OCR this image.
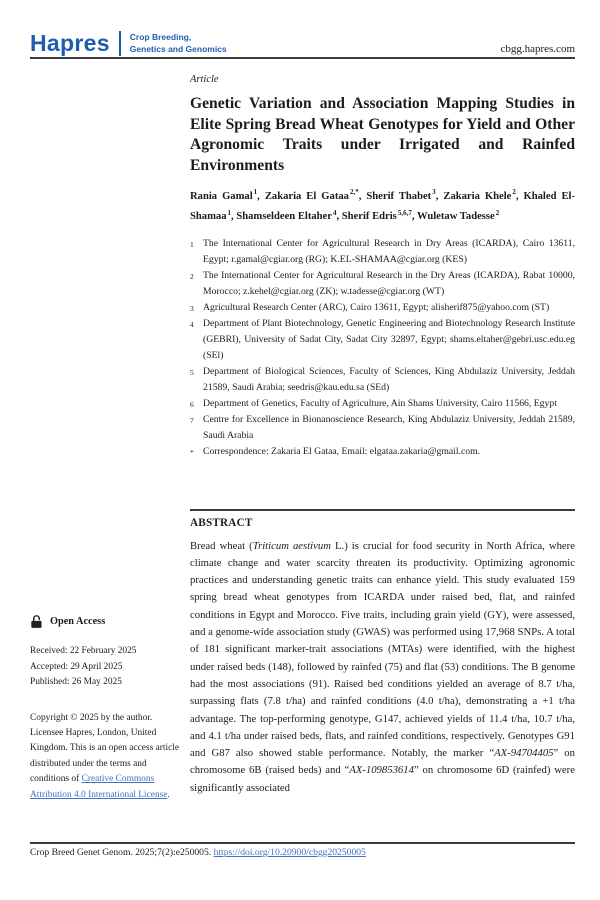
Hapres Crop Breeding,
Genetics and Genomics	cbgg.hapres.com
Article
Genetic Variation and Association Mapping Studies in Elite Spring Bread Wheat Genotypes for Yield and Other Agronomic Traits under Irrigated and Rainfed Environments
Rania Gamal$^1$ , Zakaria El Gataa$^{2,*}$ , Sherif Thabet$^3$ , Zakaria Khele$^2$ , Khaled El-Shamaa$^1$ , Shamseldeen Eltaher$^4$ , Sherif Edris$^{5,6,7}$ , Wuletaw Tadesse$^2$
1 The International Center for Agricultural Research in Dry Areas (ICARDA), Cairo 13611, Egypt; r.gamal@cgiar.org (RG); K.EL-SHAMAA@cgiar.org (KES)
2 The International Center for Agricultural Research in the Dry Areas (ICARDA), Rabat 10000, Morocco; z.kehel@cgiar.org (ZK); w.tadesse@cgiar.org (WT)
3 Agricultural Research Center (ARC), Cairo 13611, Egypt; alisherif875@yahoo.com (ST)
4 Department of Plant Biotechnology, Genetic Engineering and Biotechnology Research Institute (GEBRI), University of Sadat City, Sadat City 32897, Egypt; shams.eltaher@gebri.usc.edu.eg (SEl)
5 Department of Biological Sciences, Faculty of Sciences, King Abdulaziz University, Jeddah 21589, Saudi Arabia; seedris@kau.edu.sa (SEd)
6 Department of Genetics, Faculty of Agriculture, Ain Shams University, Cairo 11566, Egypt
7 Centre for Excellence in Bionanoscience Research, King Abdulaziz University, Jeddah 21589, Saudi Arabia
* Correspondence: Zakaria El Gataa, Email: elgataa.zakaria@gmail.com.
ABSTRACT
Bread wheat (Triticum aestivum L.) is crucial for food security in North Africa, where climate change and water scarcity threaten its productivity. Optimizing agronomic practices and understanding genetic traits can enhance yield. This study evaluated 159 spring bread wheat genotypes from ICARDA under raised bed, flat, and rainfed conditions in Egypt and Morocco. Five traits, including grain yield (GY), were assessed, and a genome-wide association study (GWAS) was performed using 17,968 SNPs. A total of 181 significant marker-trait associations (MTAs) were identified, with the highest under raised beds (148), followed by rainfed (75) and flat (53) conditions. The B genome had the most associations (91). Raised bed conditions yielded an average of 8.7 t/ha, surpassing flats (7.8 t/ha) and rainfed conditions (4.0 t/ha), demonstrating a +1 t/ha advantage. The top-performing genotype, G147, achieved yields of 11.4 t/ha, 10.7 t/ha, and 4.1 t/ha under raised beds, flats, and rainfed conditions, respectively. Genotypes G91 and G87 also showed stable performance. Notably, the marker “AX-94704405” on chromosome 6B (raised beds) and “AX-109853614” on chromosome 6D (rainfed) were significantly associated
Open Access
Received: 22 February 2025
Accepted: 29 April 2025
Published: 26 May 2025
Copyright © 2025 by the author. Licensee Hapres, London, United Kingdom. This is an open access article distributed under the terms and conditions of Creative Commons Attribution 4.0 International License.
Crop Breed Genet Genom. 2025;7(2):e250005. https://doi.org/10.20900/cbgg20250005
